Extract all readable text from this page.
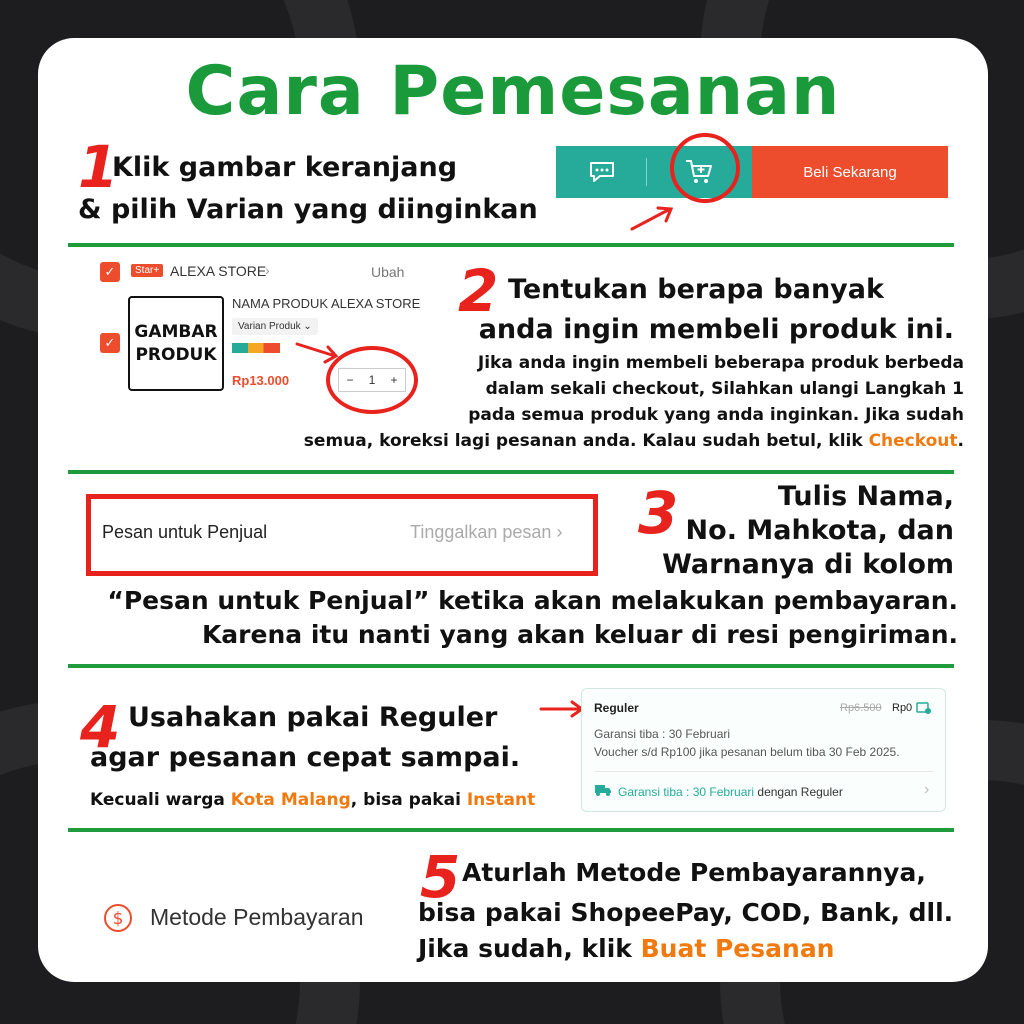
Cara Pemesanan
1
Klik gambar keranjang
& pilih Varian yang diinginkan
Beli Sekarang
✓	Star+ ALEXA STORE
›	Ubah
✓
GAMBAR
PRODUK
NAMA PRODUK ALEXA STORE
Varian Produk ⌄
Rp13.000	− 1 +
2 Tentukan berapa banyak
anda ingin membeli produk ini.
Jika anda ingin membeli beberapa produk berbeda
dalam sekali checkout, Silahkan ulangi Langkah 1
pada semua produk yang anda inginkan. Jika sudah
semua, koreksi lagi pesanan anda. Kalau sudah betul, klik Checkout.
Pesan untuk Penjual	Tinggalkan pesan › 3	Tulis Nama,
No. Mahkota, dan
Warnanya di kolom
“Pesan untuk Penjual” ketika akan melakukan pembayaran.
Karena itu nanti yang akan keluar di resi pengiriman.
4 Usahakan pakai Reguler
agar pesanan cepat sampai.
Kecuali warga Kota Malang, bisa pakai Instant
Reguler	Rp6.500 Rp0
Garansi tiba : 30 Februari
Voucher s/d Rp100 jika pesanan belum tiba 30 Feb 2025.
Garansi tiba : 30 Februari dengan Reguler	›
$ Metode Pembayaran
5 Aturlah Metode Pembayarannya,
bisa pakai ShopeePay, COD, Bank, dll.
Jika sudah, klik Buat Pesanan
